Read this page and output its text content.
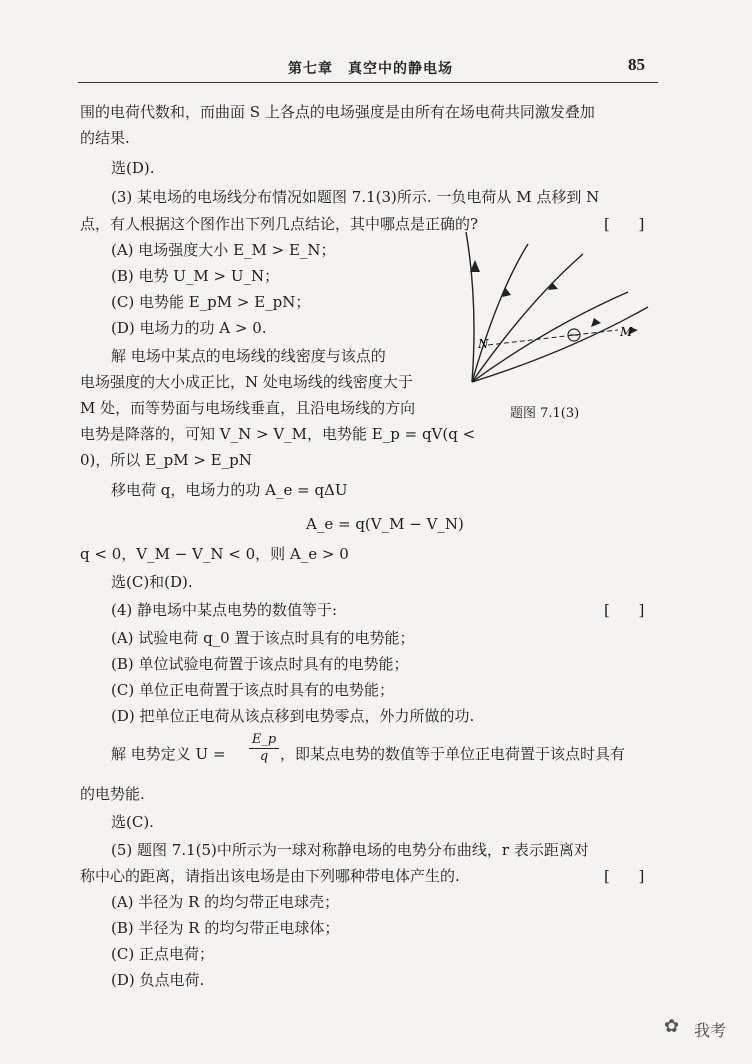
第七章　真空中的静电场	85
围的电荷代数和，而曲面 S 上各点的电场强度是由所有在场电荷共同激发叠加
的结果.
选(D).
(3) 某电场的电场线分布情况如题图 7.1(3)所示. 一负电荷从 M 点移到 N
点，有人根据这个图作出下列几点结论，其中哪点是正确的?	[      ]
(A) 电场强度大小 E_M > E_N；
(B) 电势 U_M > U_N；
(C) 电势能 E_pM > E_pN；
(D) 电场力的功 A > 0.
解 电场中某点的电场线的线密度与该点的
电场强度的大小成正比，N 处电场线的线密度大于
M 处，而等势面与电场线垂直，且沿电场线的方向
电势是降落的，可知 V_N > V_M，电势能 E_p = qV(q <
0)，所以 E_pM > E_pN
移电荷 q，电场力的功 A_e = qΔU
A_e = q(V_M − V_N)
q < 0，V_M − V_N < 0，则 A_e > 0
选(C)和(D).
(4) 静电场中某点电势的数值等于:	[      ]
(A) 试验电荷 q_0 置于该点时具有的电势能；
(B) 单位试验电荷置于该点时具有的电势能；
(C) 单位正电荷置于该点时具有的电势能；
(D) 把单位正电荷从该点移到电势零点，外力所做的功.
解 电势定义 $U = \frac{E\_p}{q}$ ，即某点电势的数值等于单位正电荷置于该点时具有
的电势能.
选(C).
(5) 题图 7.1(5)中所示为一球对称静电场的电势分布曲线，r 表示距离对
称中心的距离，请指出该电场是由下列哪种带电体产生的.	[      ]
(A) 半径为 R 的均匀带正电球壳；
(B) 半径为 R 的均匀带正电球体；
(C) 正点电荷；
(D) 负点电荷.
N
M
题图 7.1(3)
✿ 我考
